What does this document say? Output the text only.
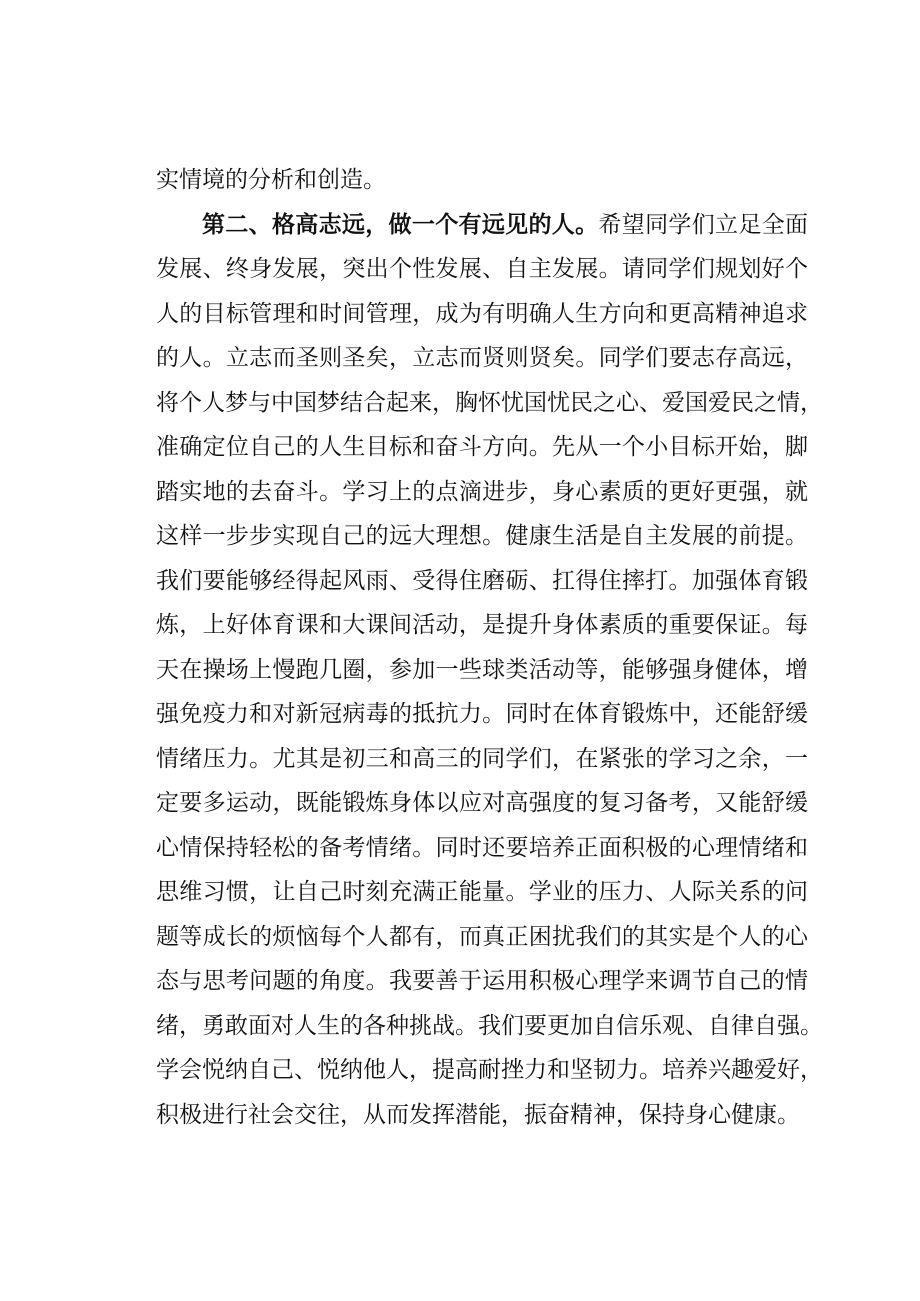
实情境的分析和创造。
第二、格高志远，做一个有远见的人。希望同学们立足全面
发展、终身发展，突出个性发展、自主发展。请同学们规划好个
人的目标管理和时间管理，成为有明确人生方向和更高精神追求
的人。立志而圣则圣矣，立志而贤则贤矣。同学们要志存高远，
将个人梦与中国梦结合起来，胸怀忧国忧民之心、爱国爱民之情，
准确定位自己的人生目标和奋斗方向。先从一个小目标开始，脚
踏实地的去奋斗。学习上的点滴进步，身心素质的更好更强，就
这样一步步实现自己的远大理想。健康生活是自主发展的前提。
我们要能够经得起风雨、受得住磨砺、扛得住摔打。加强体育锻
炼，上好体育课和大课间活动，是提升身体素质的重要保证。每
天在操场上慢跑几圈，参加一些球类活动等，能够强身健体，增
强免疫力和对新冠病毒的抵抗力。同时在体育锻炼中，还能舒缓
情绪压力。尤其是初三和高三的同学们，在紧张的学习之余，一
定要多运动，既能锻炼身体以应对高强度的复习备考，又能舒缓
心情保持轻松的备考情绪。同时还要培养正面积极的心理情绪和
思维习惯，让自己时刻充满正能量。学业的压力、人际关系的问
题等成长的烦恼每个人都有，而真正困扰我们的其实是个人的心
态与思考问题的角度。我要善于运用积极心理学来调节自己的情
绪，勇敢面对人生的各种挑战。我们要更加自信乐观、自律自强。
学会悦纳自己、悦纳他人，提高耐挫力和坚韧力。培养兴趣爱好，
积极进行社会交往，从而发挥潜能，振奋精神，保持身心健康。
